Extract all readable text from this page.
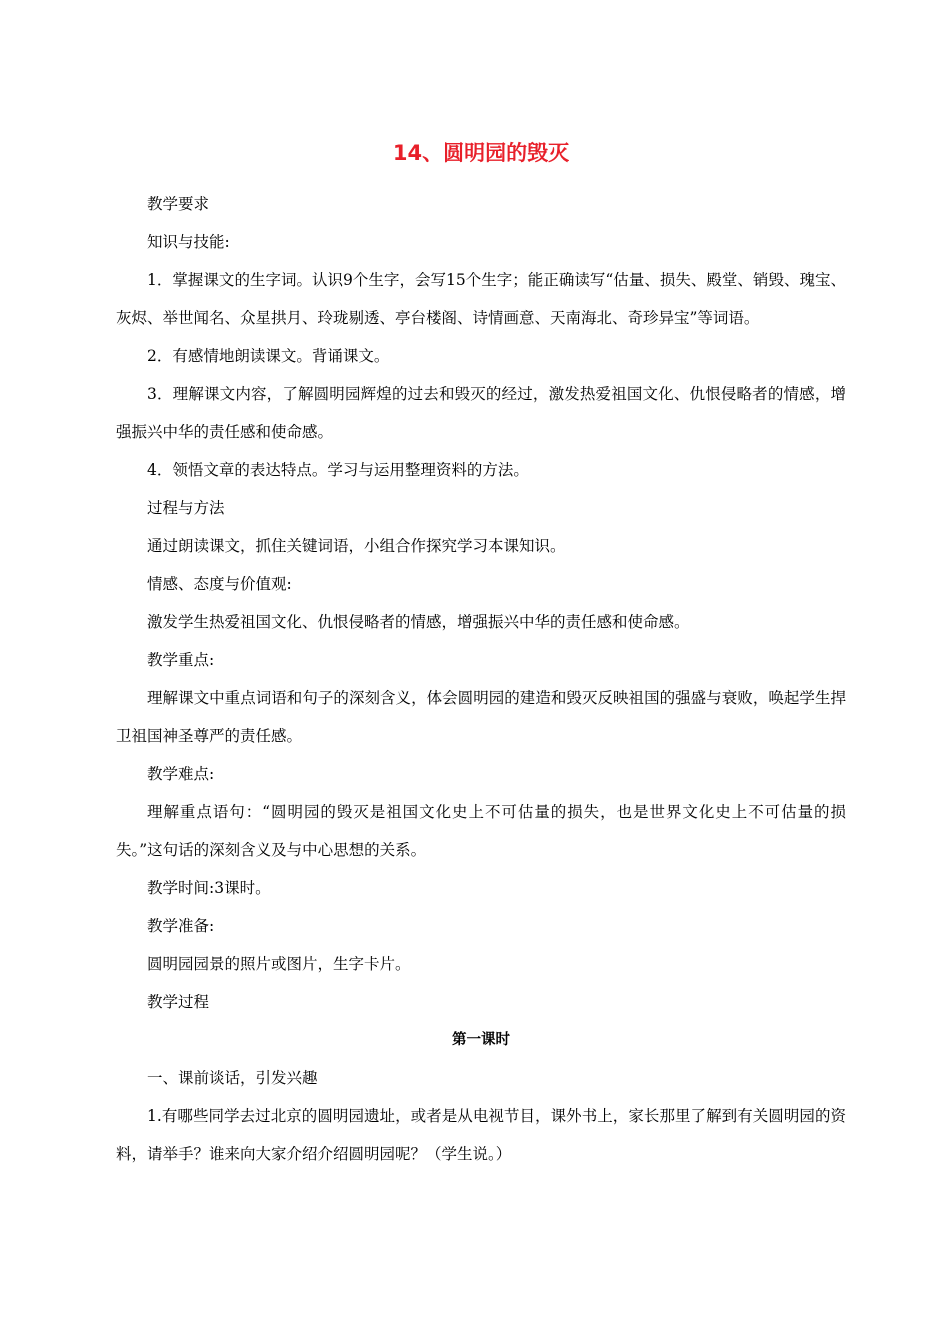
14、圆明园的毁灭

教学要求

知识与技能:

1．掌握课文的生字词。认识9个生字，会写15个生字；能正确读写“估量、损失、殿堂、销毁、瑰宝、灰烬、举世闻名、众星拱月、玲珑剔透、亭台楼阁、诗情画意、天南海北、奇珍异宝”等词语。

2．有感情地朗读课文。背诵课文。

3．理解课文内容，了解圆明园辉煌的过去和毁灭的经过，激发热爱祖国文化、仇恨侵略者的情感，增强振兴中华的责任感和使命感。

4．领悟文章的表达特点。学习与运用整理资料的方法。

过程与方法

通过朗读课文，抓住关键词语，小组合作探究学习本课知识。

情感、态度与价值观:

激发学生热爱祖国文化、仇恨侵略者的情感，增强振兴中华的责任感和使命感。

教学重点:

理解课文中重点词语和句子的深刻含义，体会圆明园的建造和毁灭反映祖国的强盛与衰败，唤起学生捍卫祖国神圣尊严的责任感。

教学难点:

理解重点语句：“圆明园的毁灭是祖国文化史上不可估量的损失，也是世界文化史上不可估量的损失。”这句话的深刻含义及与中心思想的关系。

教学时间:3课时。

教学准备:

圆明园园景的照片或图片，生字卡片。

教学过程

第一课时

一、课前谈话，引发兴趣

1.有哪些同学去过北京的圆明园遗址，或者是从电视节目，课外书上，家长那里了解到有关圆明园的资料，请举手？谁来向大家介绍介绍圆明园呢？（学生说。）
